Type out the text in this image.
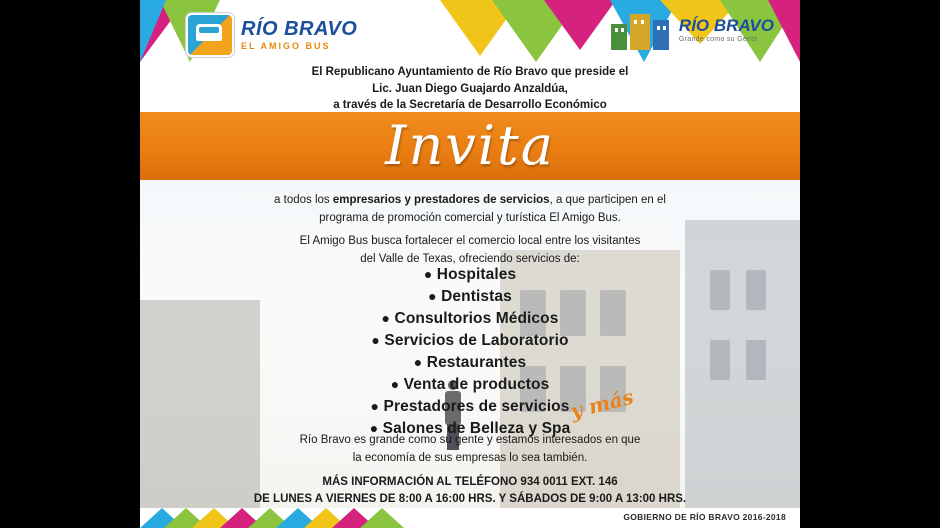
RÍO BRAVO
EL AMIGO BUS
RÍO BRAVO
Grande como su Gente
El Republicano Ayuntamiento de Río Bravo que preside el
Lic. Juan Diego Guajardo Anzaldúa,
a través de la Secretaría de Desarrollo Económico
Invita
a todos los empresarios y prestadores de servicios, a que participen en el
programa de promoción comercial y turística El Amigo Bus.
El Amigo Bus busca fortalecer el comercio local entre los visitantes
del Valle de Texas, ofreciendo servicios de:
● Hospitales
● Dentistas
● Consultorios Médicos
● Servicios de Laboratorio
● Restaurantes
● Venta de productos
● Prestadores de servicios
● Salones de Belleza y Spa
y más
Río Bravo es grande como su gente y estamos interesados en que
la economía de sus empresas lo sea también.
MÁS INFORMACIÓN AL TELÉFONO 934 0011 EXT. 146
DE LUNES A VIERNES DE 8:00 A 16:00 HRS. Y SÁBADOS DE 9:00 A 13:00 HRS.
GOBIERNO DE RÍO BRAVO 2016-2018
